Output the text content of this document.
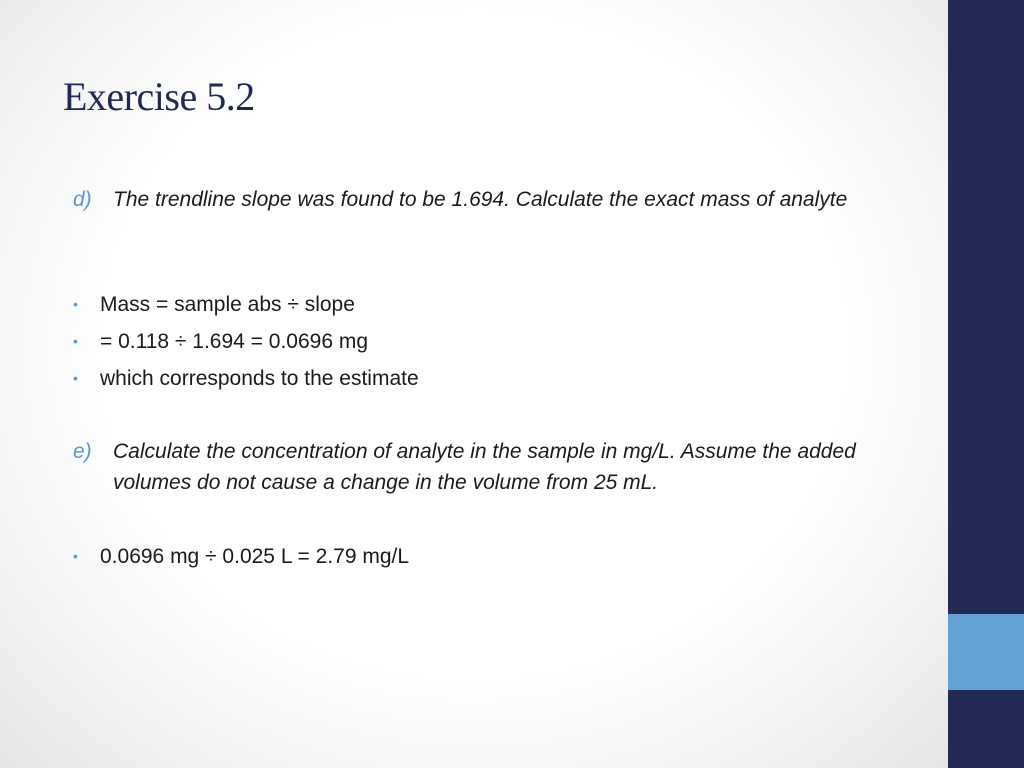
Exercise 5.2
d) The trendline slope was found to be 1.694. Calculate the exact mass of analyte
• Mass = sample abs ÷ slope
• = 0.118 ÷ 1.694 = 0.0696 mg
• which corresponds to the estimate
e) Calculate the concentration of analyte in the sample in mg/L. Assume the added volumes do not cause a change in the volume from 25 mL.
• 0.0696 mg ÷ 0.025 L = 2.79 mg/L
